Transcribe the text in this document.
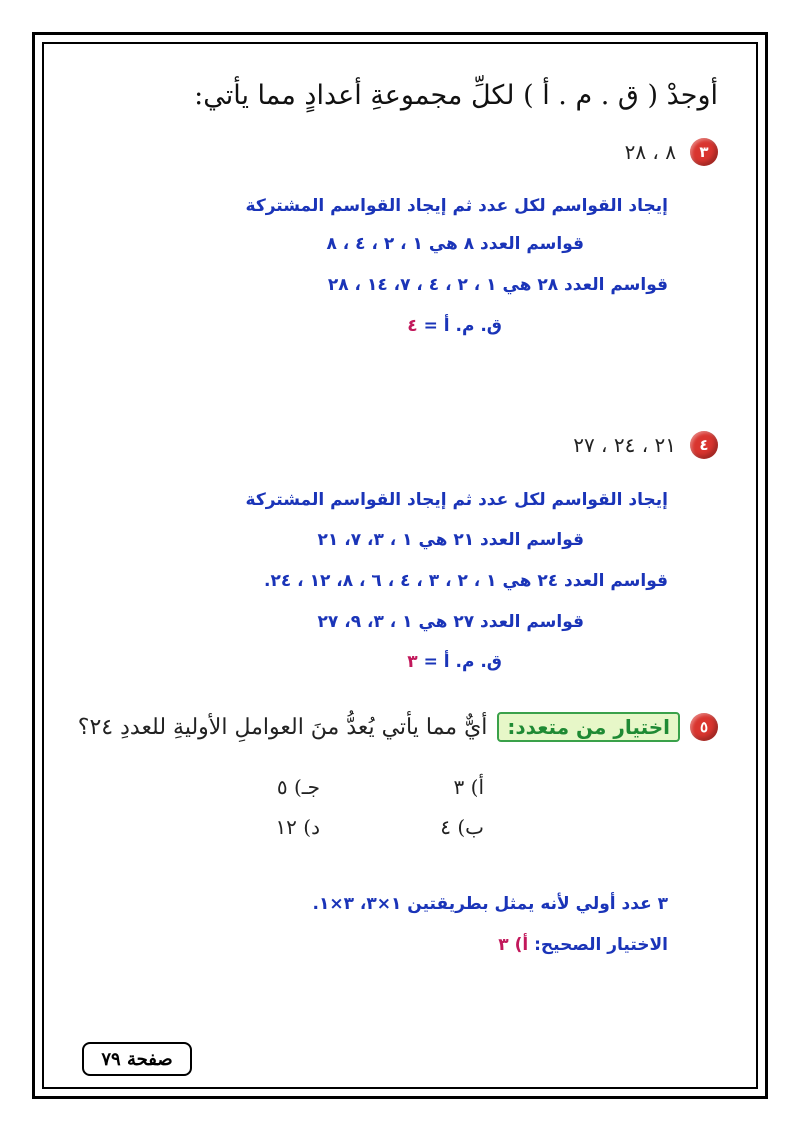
أوجدْ ( ق . م . أ ) لكلِّ مجموعةِ أعدادٍ مما يأتي:
٣
٨ ، ٢٨
إيجاد القواسم لكل عدد ثم إيجاد القواسم المشتركة
قواسم العدد ٨ هي ١ ، ٢ ، ٤ ، ٨
قواسم العدد ٢٨ هي ١ ، ٢ ، ٤ ، ٧، ١٤ ، ٢٨
ق. م. أ = ٤
٤
٢١ ، ٢٤ ، ٢٧
إيجاد القواسم لكل عدد ثم إيجاد القواسم المشتركة
قواسم العدد ٢١ هي ١ ، ٣، ٧، ٢١
قواسم العدد ٢٤ هي ١ ، ٢ ، ٣ ، ٤ ، ٦ ، ٨، ١٢ ، ٢٤.
قواسم العدد ٢٧ هي ١ ، ٣، ٩، ٢٧
ق. م. أ = ٣
٥
اختيار من متعدد:
أيٌّ مما يأتي يُعدُّ منَ العواملِ الأوليةِ للعددِ ٢٤؟
أ) ٣
ب) ٤
جـ) ٥
د) ١٢
٣ عدد أولي لأنه يمثل بطريقتين ١×٣، ٣×١.
الاختيار الصحيح: أ) ٣
صفحة ٧٩
